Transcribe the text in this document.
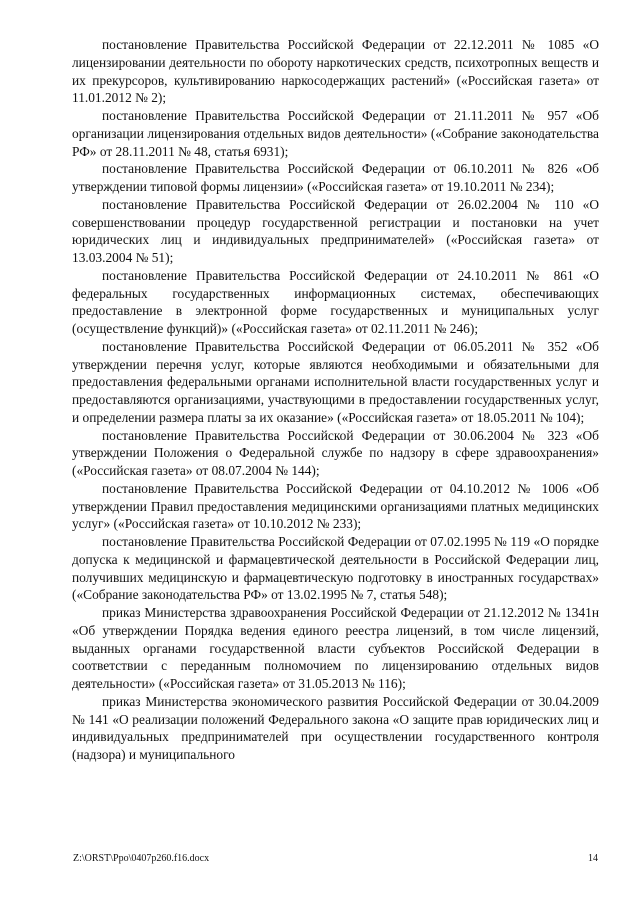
постановление Правительства Российской Федерации от 22.12.2011 № 1085 «О лицензировании деятельности по обороту наркотических средств, психотропных веществ и их прекурсоров, культивированию наркосодержащих растений» («Российская газета» от 11.01.2012 № 2);

постановление Правительства Российской Федерации от 21.11.2011 № 957 «Об организации лицензирования отдельных видов деятельности» («Собрание законодательства РФ» от 28.11.2011 № 48, статья 6931);

постановление Правительства Российской Федерации от 06.10.2011 № 826 «Об утверждении типовой формы лицензии» («Российская газета» от 19.10.2011 № 234);

постановление Правительства Российской Федерации от 26.02.2004 № 110 «О совершенствовании процедур государственной регистрации и постановки на учет юридических лиц и индивидуальных предпринимателей» («Российская газета» от 13.03.2004 № 51);

постановление Правительства Российской Федерации от 24.10.2011 № 861 «О федеральных государственных информационных системах, обеспечивающих предоставление в электронной форме государственных и муниципальных услуг (осуществление функций)» («Российская газета» от 02.11.2011 № 246);

постановление Правительства Российской Федерации от 06.05.2011 № 352 «Об утверждении перечня услуг, которые являются необходимыми и обязательными для предоставления федеральными органами исполнительной власти государственных услуг и предоставляются организациями, участвующими в предоставлении государственных услуг, и определении размера платы за их оказание» («Российская газета» от 18.05.2011 № 104);

постановление Правительства Российской Федерации от 30.06.2004 № 323 «Об утверждении Положения о Федеральной службе по надзору в сфере здравоохранения» («Российская газета» от 08.07.2004 № 144);

постановление Правительства Российской Федерации от 04.10.2012 № 1006 «Об утверждении Правил предоставления медицинскими организациями платных медицинских услуг» («Российская газета» от 10.10.2012 № 233);

постановление Правительства Российской Федерации от 07.02.1995 № 119 «О порядке допуска к медицинской и фармацевтической деятельности в Российской Федерации лиц, получивших медицинскую и фармацевтическую подготовку в иностранных государствах» («Собрание законодательства РФ» от 13.02.1995 № 7, статья 548);

приказ Министерства здравоохранения Российской Федерации от 21.12.2012 № 1341н «Об утверждении Порядка ведения единого реестра лицензий, в том числе лицензий, выданных органами государственной власти субъектов Российской Федерации в соответствии с переданным полномочием по лицензированию отдельных видов деятельности» («Российская газета» от 31.05.2013 № 116);

приказ Министерства экономического развития Российской Федерации от 30.04.2009 № 141 «О реализации положений Федерального закона «О защите прав юридических лиц и индивидуальных предпринимателей при осуществлении государственного контроля (надзора) и муниципального

Z:\ORST\Ppo\0407p260.f16.docx	14
